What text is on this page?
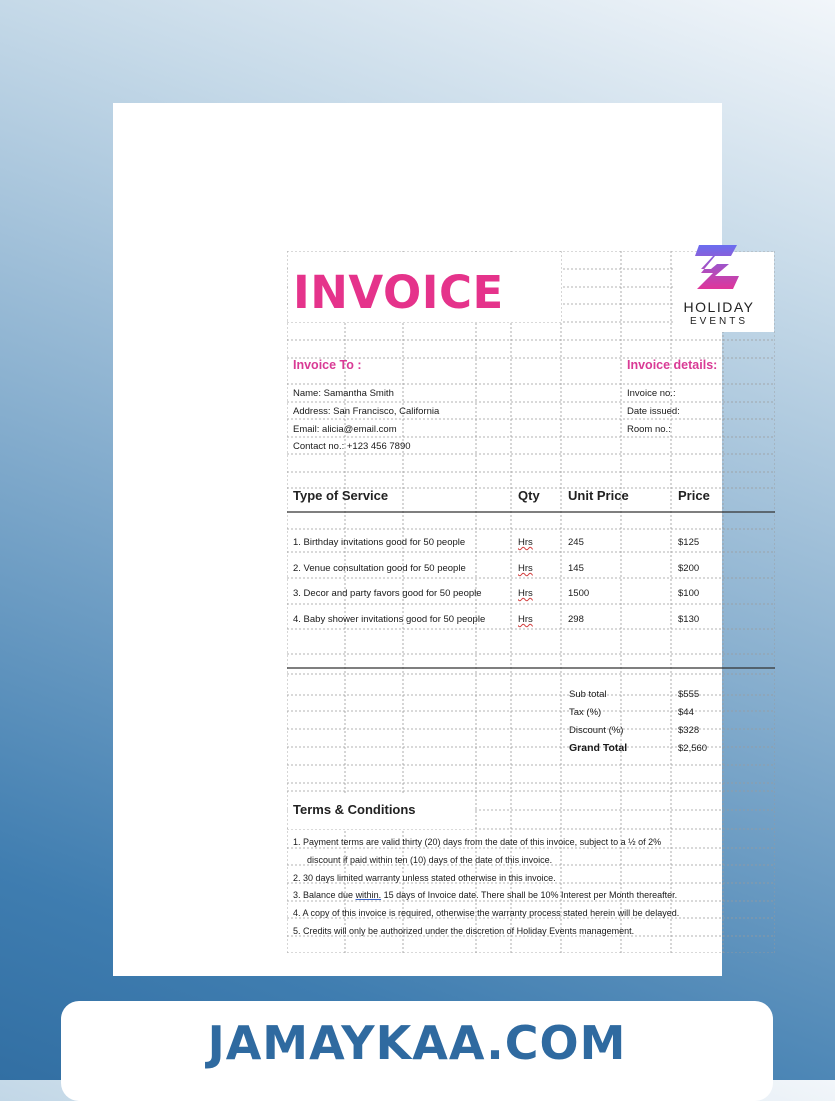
INVOICE	HOLIDAY
EVENTS
Invoice To :
Name: Samantha Smith
Address: San Francisco, California
Email: alicia@email.com
Contact no.: +123 456 7890
Invoice details:
Invoice no.:
Date issued:
Room no.:
Type of Service	Qty Unit Price	Price
1. Birthday invitations good for 50 people	Hrs	245	$125
2. Venue consultation good for 50 people	Hrs	145	$200
3. Decor and party favors good for 50 people	Hrs	1500	$100
4. Baby shower invitations good for 50 people	Hrs	298	$130
Sub total	$555
Tax (%)	$44
Discount (%)	$328
Grand Total	$2,560
Terms & Conditions
1. Payment terms are valid thirty (20) days from the date of this invoice, subject to a ½ of 2%
discount if paid within ten (10) days of the date of this invoice.
2. 30 days limited warranty unless stated otherwise in this invoice.
3. Balance due within. 15 days of Invoice date. There shall be 10% Interest per Month thereafter.
4. A copy of this invoice is required, otherwise the warranty process stated herein will be delayed.
5. Credits will only be authorized under the discretion of Holiday Events management.
JAMAYKAA.COM
